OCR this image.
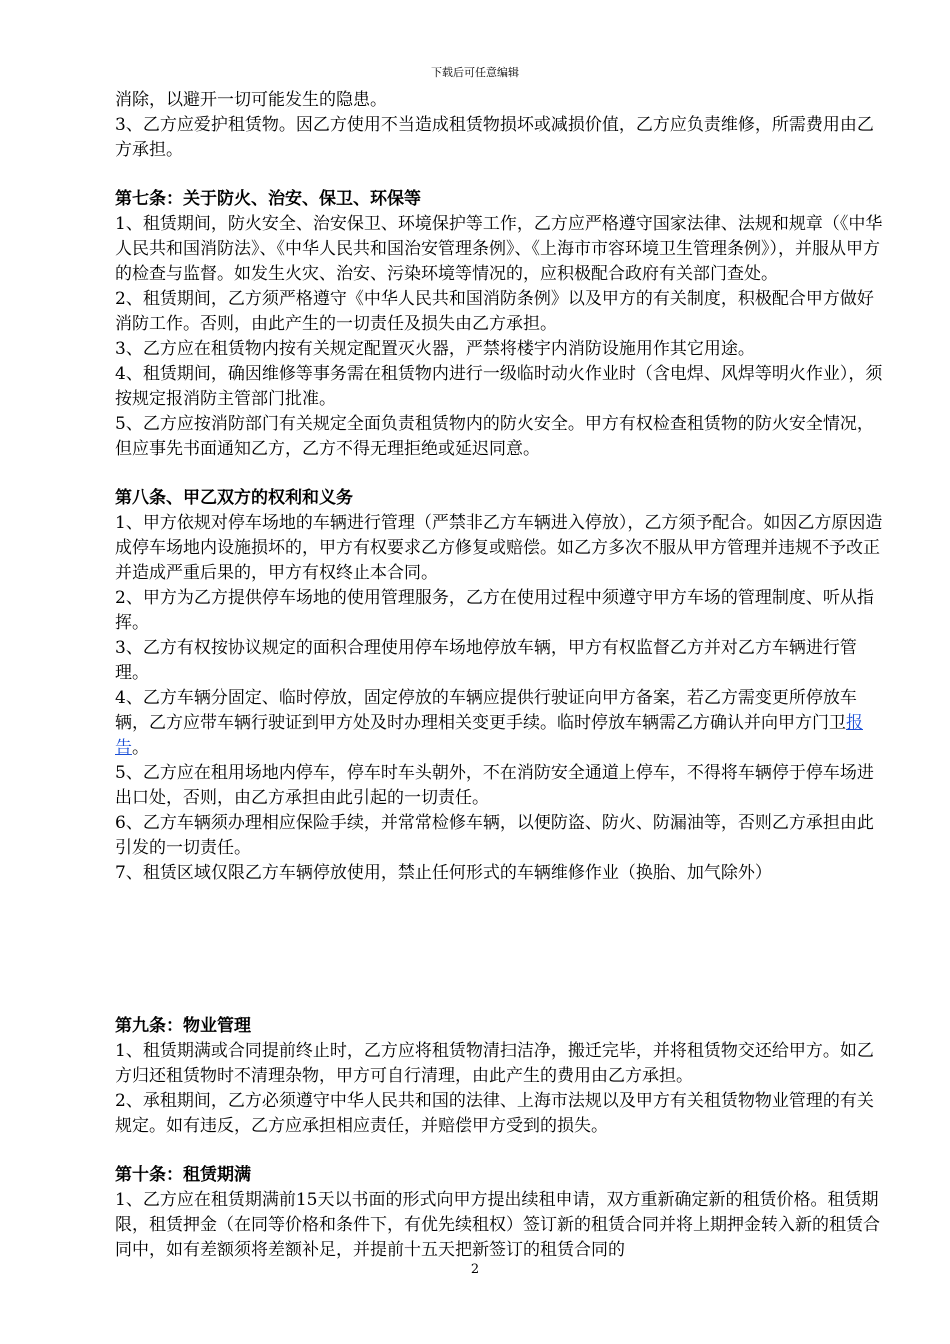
下载后可任意编辑

消除，以避开一切可能发生的隐患。

3、乙方应爱护租赁物。因乙方使用不当造成租赁物损坏或减损价值，乙方应负责维修，所需费用由乙方承担。

第七条：关于防火、治安、保卫、环保等

1、租赁期间，防火安全、治安保卫、环境保护等工作，乙方应严格遵守国家法律、法规和规章（《中华人民共和国消防法》、《中华人民共和国治安管理条例》、《上海市市容环境卫生管理条例》），并服从甲方的检查与监督。如发生火灾、治安、污染环境等情况的，应积极配合政府有关部门查处。

2、租赁期间，乙方须严格遵守《中华人民共和国消防条例》以及甲方的有关制度，积极配合甲方做好消防工作。否则，由此产生的一切责任及损失由乙方承担。

3、乙方应在租赁物内按有关规定配置灭火器，严禁将楼宇内消防设施用作其它用途。

4、租赁期间，确因维修等事务需在租赁物内进行一级临时动火作业时（含电焊、风焊等明火作业），须按规定报消防主管部门批准。

5、乙方应按消防部门有关规定全面负责租赁物内的防火安全。甲方有权检查租赁物的防火安全情况，但应事先书面通知乙方，乙方不得无理拒绝或延迟同意。

第八条、甲乙双方的权利和义务

1、甲方依规对停车场地的车辆进行管理（严禁非乙方车辆进入停放），乙方须予配合。如因乙方原因造成停车场地内设施损坏的，甲方有权要求乙方修复或赔偿。如乙方多次不服从甲方管理并违规不予改正并造成严重后果的，甲方有权终止本合同。

2、甲方为乙方提供停车场地的使用管理服务，乙方在使用过程中须遵守甲方车场的管理制度、听从指挥。

3、乙方有权按协议规定的面积合理使用停车场地停放车辆，甲方有权监督乙方并对乙方车辆进行管理。

4、乙方车辆分固定、临时停放，固定停放的车辆应提供行驶证向甲方备案，若乙方需变更所停放车辆，乙方应带车辆行驶证到甲方处及时办理相关变更手续。临时停放车辆需乙方确认并向甲方门卫报告。

5、乙方应在租用场地内停车，停车时车头朝外，不在消防安全通道上停车，不得将车辆停于停车场进出口处，否则，由乙方承担由此引起的一切责任。

6、乙方车辆须办理相应保险手续，并常常检修车辆，以便防盗、防火、防漏油等，否则乙方承担由此引发的一切责任。

7、租赁区域仅限乙方车辆停放使用，禁止任何形式的车辆维修作业（换胎、加气除外）

第九条：物业管理

1、租赁期满或合同提前终止时，乙方应将租赁物清扫洁净，搬迁完毕，并将租赁物交还给甲方。如乙方归还租赁物时不清理杂物，甲方可自行清理，由此产生的费用由乙方承担。

2、承租期间，乙方必须遵守中华人民共和国的法律、上海市法规以及甲方有关租赁物物业管理的有关规定。如有违反，乙方应承担相应责任，并赔偿甲方受到的损失。

第十条：租赁期满

1、乙方应在租赁期满前15天以书面的形式向甲方提出续租申请，双方重新确定新的租赁价格。租赁期限，租赁押金（在同等价格和条件下，有优先续租权）签订新的租赁合同并将上期押金转入新的租赁合同中，如有差额须将差额补足，并提前十五天把新签订的租赁合同的

2
